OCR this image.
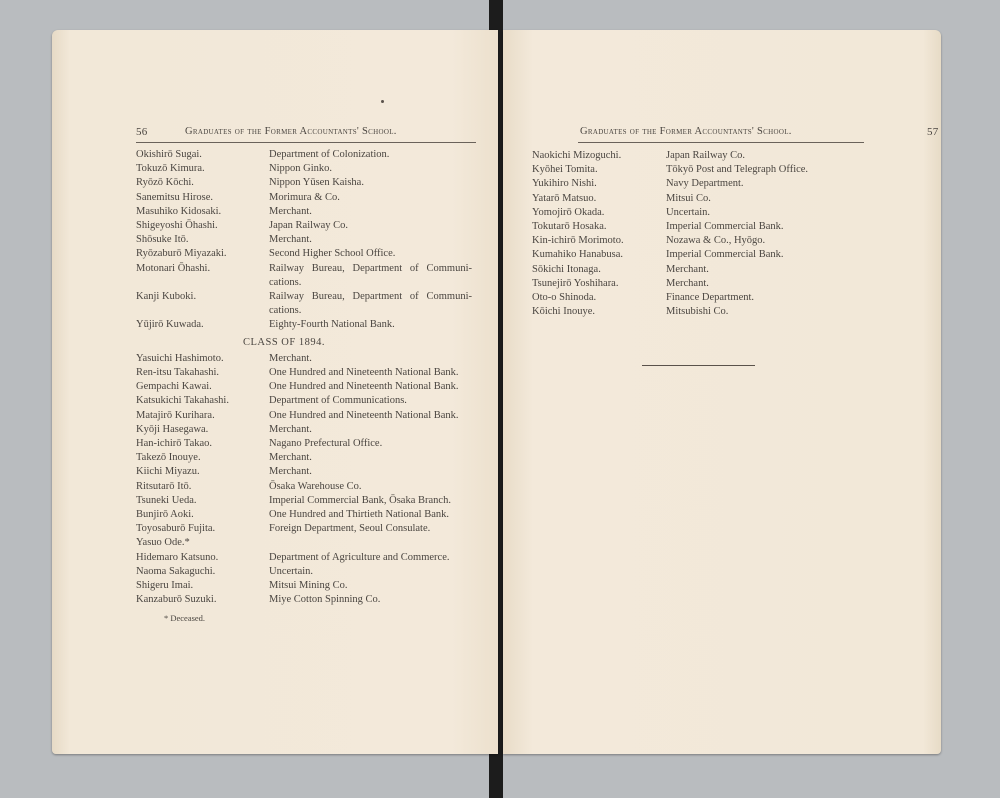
56	Graduates of the Former Accountants' School.
Okishirō Sugai.	Department of Colonization.
Tokuzō Kimura.	Nippon Ginko.
Ryōzō Kōchi.	Nippon Yūsen Kaisha.
Sanemitsu Hirose.	Morimura & Co.
Masuhiko Kidosaki.	Merchant.
Shigeyoshi Ōhashi.	Japan Railway Co.
Shōsuke Itō.	Merchant.
Ryōzaburō Miyazaki.	Second Higher School Office.
Motonari Ōhashi.	Railway Bureau, Department of Communi-cations.
Kanji Kuboki.	Railway Bureau, Department of Communi-cations.
Yūjirō Kuwada.	Eighty-Fourth National Bank.
CLASS OF 1894.
Yasuichi Hashimoto.	Merchant.
Ren-itsu Takahashi.	One Hundred and Nineteenth National Bank.
Gempachi Kawai.	One Hundred and Nineteenth National Bank.
Katsukichi Takahashi.	Department of Communications.
Matajirō Kurihara.	One Hundred and Nineteenth National Bank.
Kyōji Hasegawa.	Merchant.
Han-ichirō Takao.	Nagano Prefectural Office.
Takezō Inouye.	Merchant.
Kiichi Miyazu.	Merchant.
Ritsutarō Itō.	Ōsaka Warehouse Co.
Tsuneki Ueda.	Imperial Commercial Bank, Ōsaka Branch.
Bunjirō Aoki.	One Hundred and Thirtieth National Bank.
Toyosaburō Fujita.	Foreign Department, Seoul Consulate.
Yasuo Ode.*
Hidemaro Katsuno.	Department of Agriculture and Commerce.
Naoma Sakaguchi.	Uncertain.
Shigeru Imai.	Mitsui Mining Co.
Kanzaburō Suzuki.	Miye Cotton Spinning Co.
* Deceased.
Graduates of the Former Accountants' School.	57
Naokichi Mizoguchi.	Japan Railway Co.
Kyōhei Tomita.	Tōkyō Post and Telegraph Office.
Yukihiro Nishi.	Navy Department.
Yatarō Matsuo.	Mitsui Co.
Yomojirō Okada.	Uncertain.
Tokutarō Hosaka.	Imperial Commercial Bank.
Kin-ichirō Morimoto.	Nozawa & Co., Hyōgo.
Kumahiko Hanabusa.	Imperial Commercial Bank.
Sōkichi Itonaga.	Merchant.
Tsunejirō Yoshihara.	Merchant.
Oto-o Shinoda.	Finance Department.
Kōichi Inouye.	Mitsubishi Co.
